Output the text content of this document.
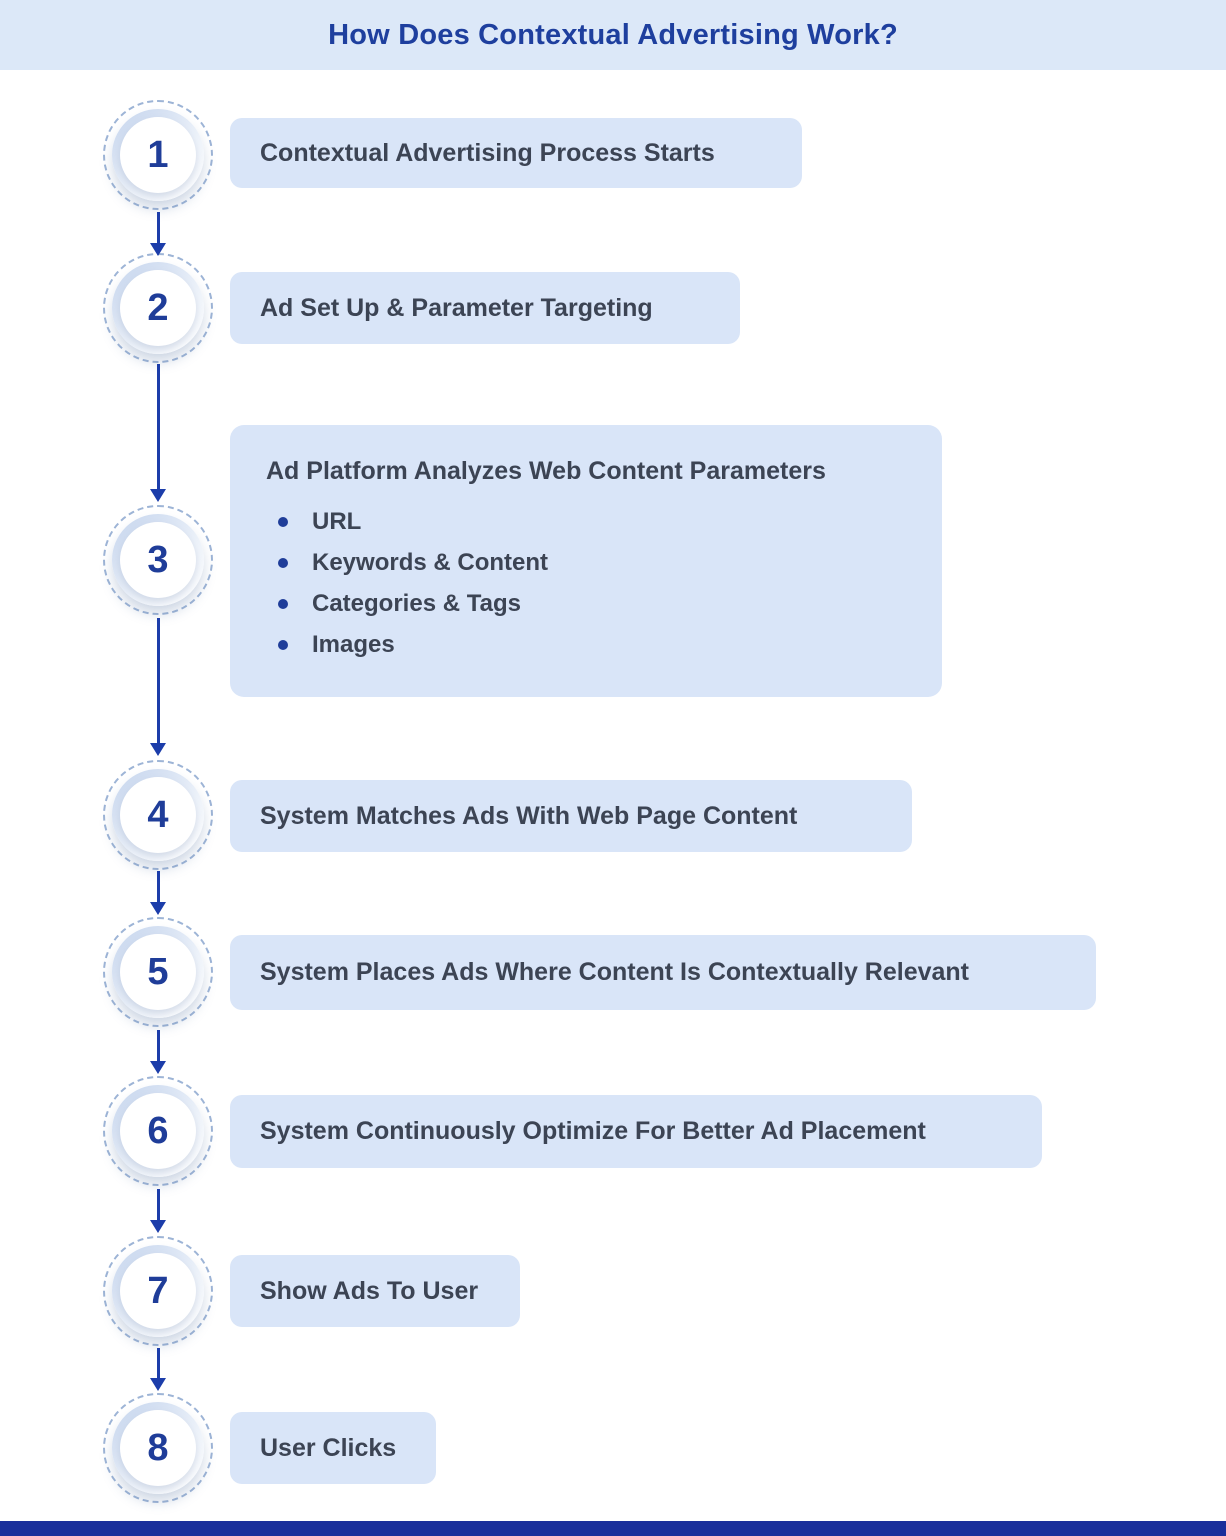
How Does Contextual Advertising Work?
1
2
3
4
5
6
7
8
Contextual Advertising Process Starts
Ad Set Up & Parameter Targeting
Ad Platform Analyzes Web Content Parameters
URL
Keywords & Content
Categories & Tags
Images
System Matches Ads With Web Page Content
System Places Ads Where Content Is Contextually Relevant
System Continuously Optimize For Better Ad Placement
Show Ads To User
User Clicks
